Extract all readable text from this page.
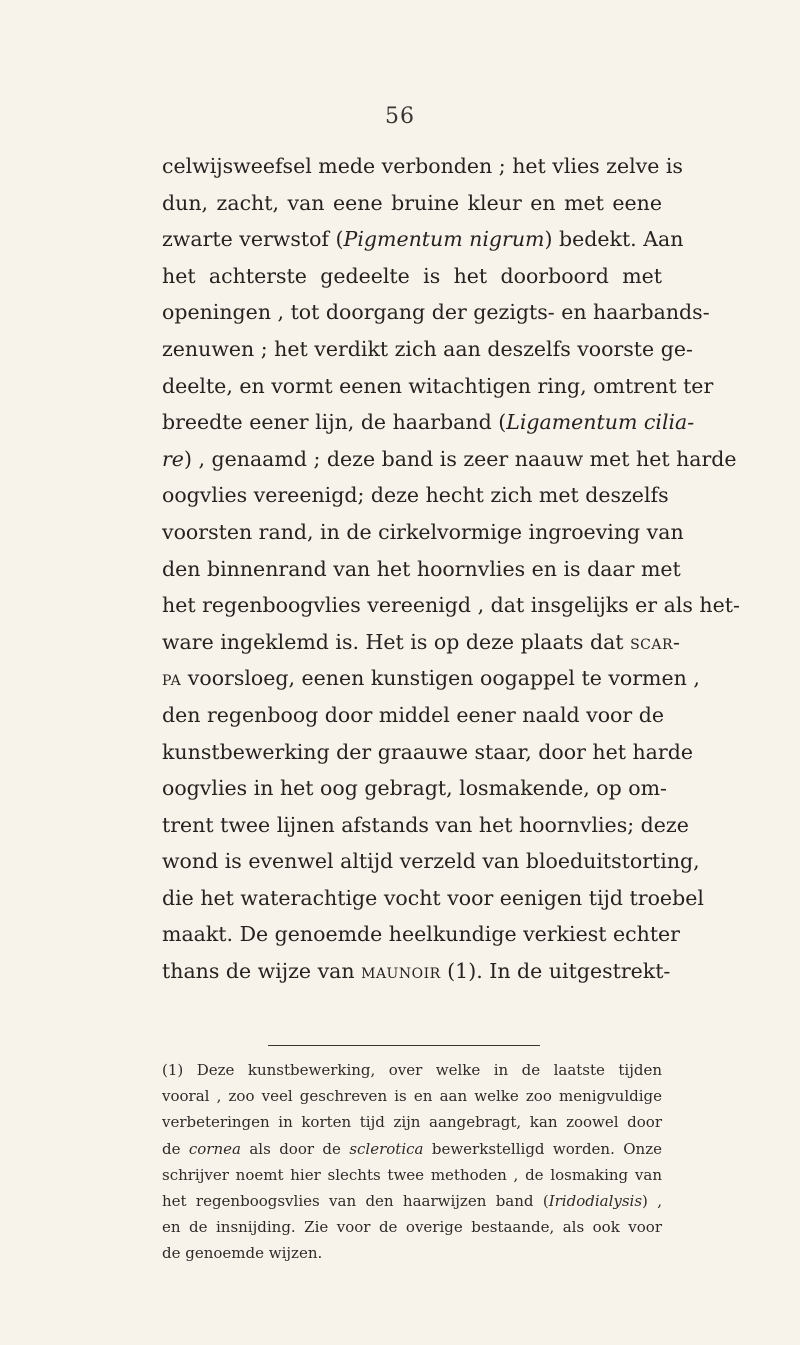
56
celwijsweefsel mede verbonden ; het vlies zelve is
dun, zacht, van eene bruine kleur en met eene
zwarte verwstof (Pigmentum nigrum) bedekt. Aan
het achterste gedeelte is het doorboord met
openingen , tot doorgang der gezigts- en haarbands-
zenuwen ; het verdikt zich aan deszelfs voorste ge-
deelte, en vormt eenen witachtigen ring, omtrent ter
breedte eener lijn, de haarband (Ligamentum cilia-
re) , genaamd ; deze band is zeer naauw met het harde
oogvlies vereenigd; deze hecht zich met deszelfs
voorsten rand, in de cirkelvormige ingroeving van
den binnenrand van het hoornvlies en is daar met
het regenboogvlies vereenigd , dat insgelijks er als het-
ware ingeklemd is. Het is op deze plaats dat scar-
pa voorsloeg, eenen kunstigen oogappel te vormen ,
den regenboog door middel eener naald voor de
kunstbewerking der graauwe staar, door het harde
oogvlies in het oog gebragt, losmakende, op om-
trent twee lijnen afstands van het hoornvlies; deze
wond is evenwel altijd verzeld van bloeduitstorting,
die het waterachtige vocht voor eenigen tijd troebel
maakt. De genoemde heelkundige verkiest echter
thans de wijze van maunoir (1). In de uitgestrekt-
(1) Deze kunstbewerking, over welke in de laatste tijden
vooral , zoo veel geschreven is en aan welke zoo menigvuldige
verbeteringen in korten tijd zijn aangebragt, kan zoowel door
de cornea als door de sclerotica bewerkstelligd worden. Onze
schrijver noemt hier slechts twee methoden , de losmaking van
het regenboogsvlies van den haarwijzen band (Iridodialysis) ,
en de insnijding. Zie voor de overige bestaande, als ook voor
de genoemde wijzen.
